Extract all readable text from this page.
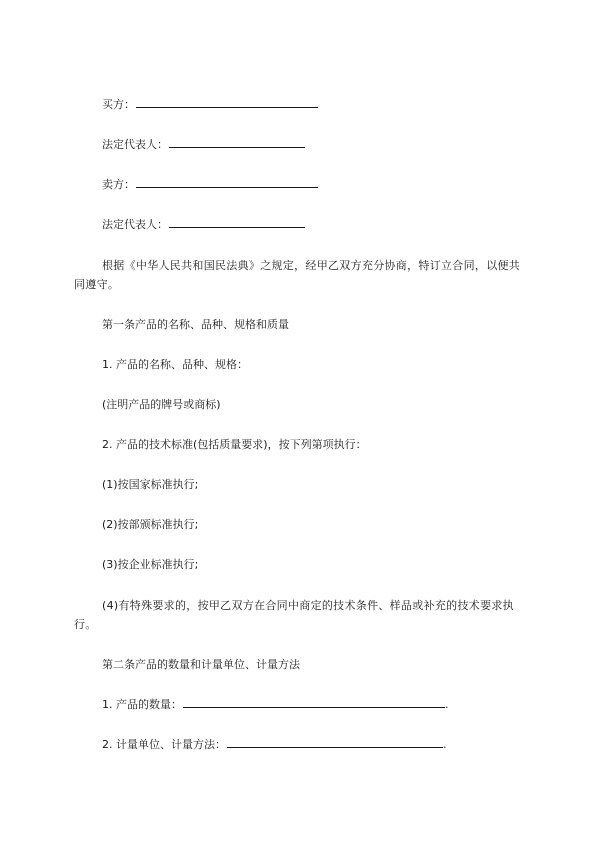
买方：
法定代表人：
卖方：
法定代表人：
根据《中华人民共和国民法典》之规定，经甲乙双方充分协商，特订立合同，以便共同遵守。
第一条产品的名称、品种、规格和质量
1. 产品的名称、品种、规格：
(注明产品的牌号或商标)
2. 产品的技术标准(包括质量要求)，按下列第项执行：
(1)按国家标准执行;
(2)按部颁标准执行;
(3)按企业标准执行;
(4)有特殊要求的，按甲乙双方在合同中商定的技术条件、样品或补充的技术要求执行。
第二条产品的数量和计量单位、计量方法
1. 产品的数量：	.
2. 计量单位、计量方法：	.
